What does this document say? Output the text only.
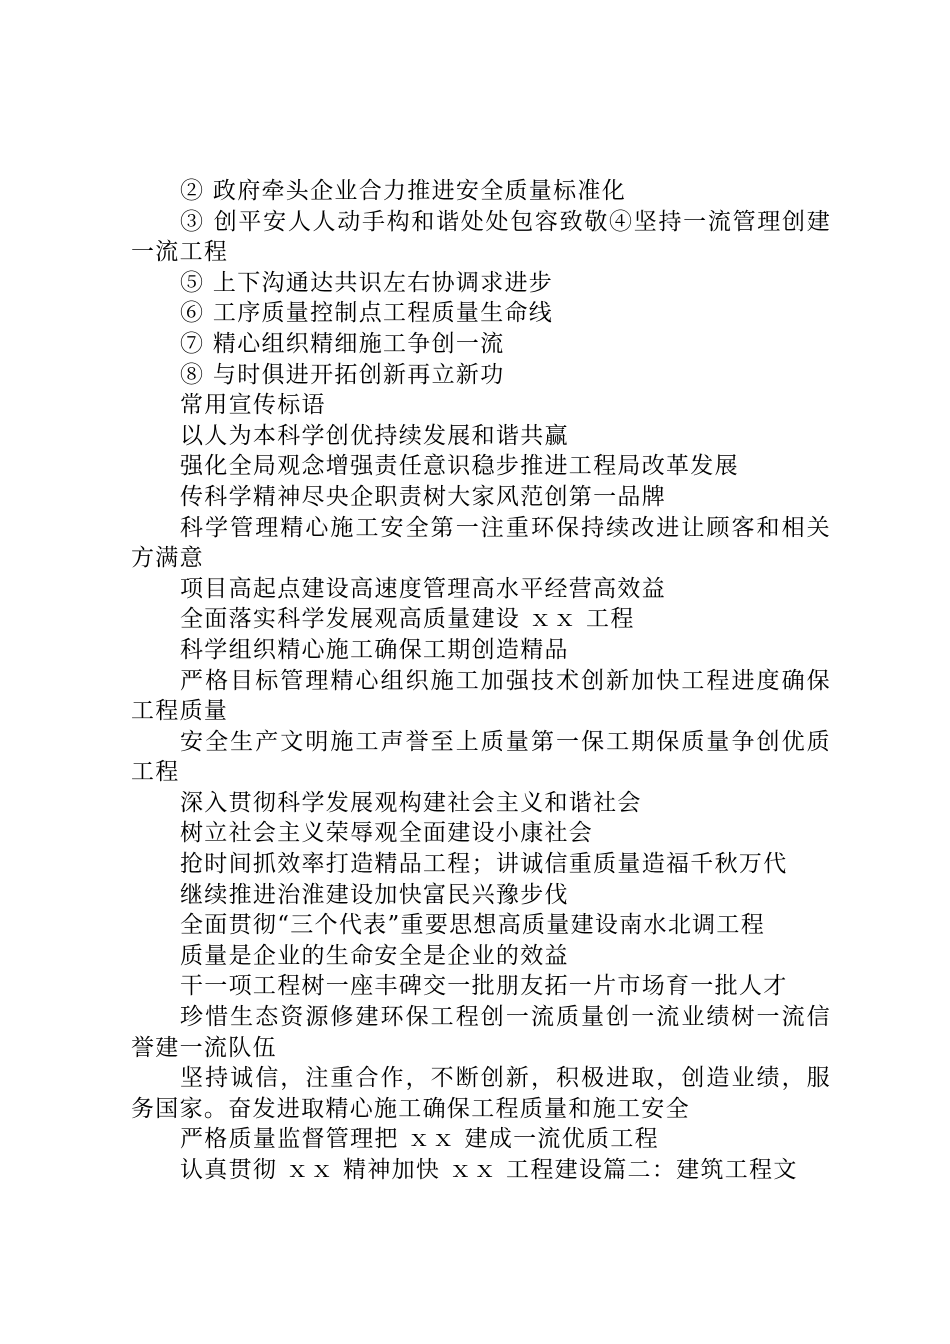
② 政府牵头企业合力推进安全质量标准化

③ 创平安人人动手构和谐处处包容致敬④坚持一流管理创建一流工程

⑤ 上下沟通达共识左右协调求进步

⑥ 工序质量控制点工程质量生命线

⑦ 精心组织精细施工争创一流

⑧ 与时俱进开拓创新再立新功

常用宣传标语

以人为本科学创优持续发展和谐共赢

强化全局观念增强责任意识稳步推进工程局改革发展

传科学精神尽央企职责树大家风范创第一品牌

科学管理精心施工安全第一注重环保持续改进让顾客和相关方满意

项目高起点建设高速度管理高水平经营高效益

全面落实科学发展观高质量建设 ｘｘ 工程

科学组织精心施工确保工期创造精品

严格目标管理精心组织施工加强技术创新加快工程进度确保工程质量

安全生产文明施工声誉至上质量第一保工期保质量争创优质工程

深入贯彻科学发展观构建社会主义和谐社会

树立社会主义荣辱观全面建设小康社会

抢时间抓效率打造精品工程；讲诚信重质量造福千秋万代

继续推进治淮建设加快富民兴豫步伐

全面贯彻“三个代表”重要思想高质量建设南水北调工程

质量是企业的生命安全是企业的效益

干一项工程树一座丰碑交一批朋友拓一片市场育一批人才

珍惜生态资源修建环保工程创一流质量创一流业绩树一流信誉建一流队伍

坚持诚信，注重合作，不断创新，积极进取，创造业绩，服务国家。奋发进取精心施工确保工程质量和施工安全

严格质量监督管理把 ｘｘ 建成一流优质工程

认真贯彻 ｘｘ 精神加快 ｘｘ 工程建设篇二：建筑工程文
